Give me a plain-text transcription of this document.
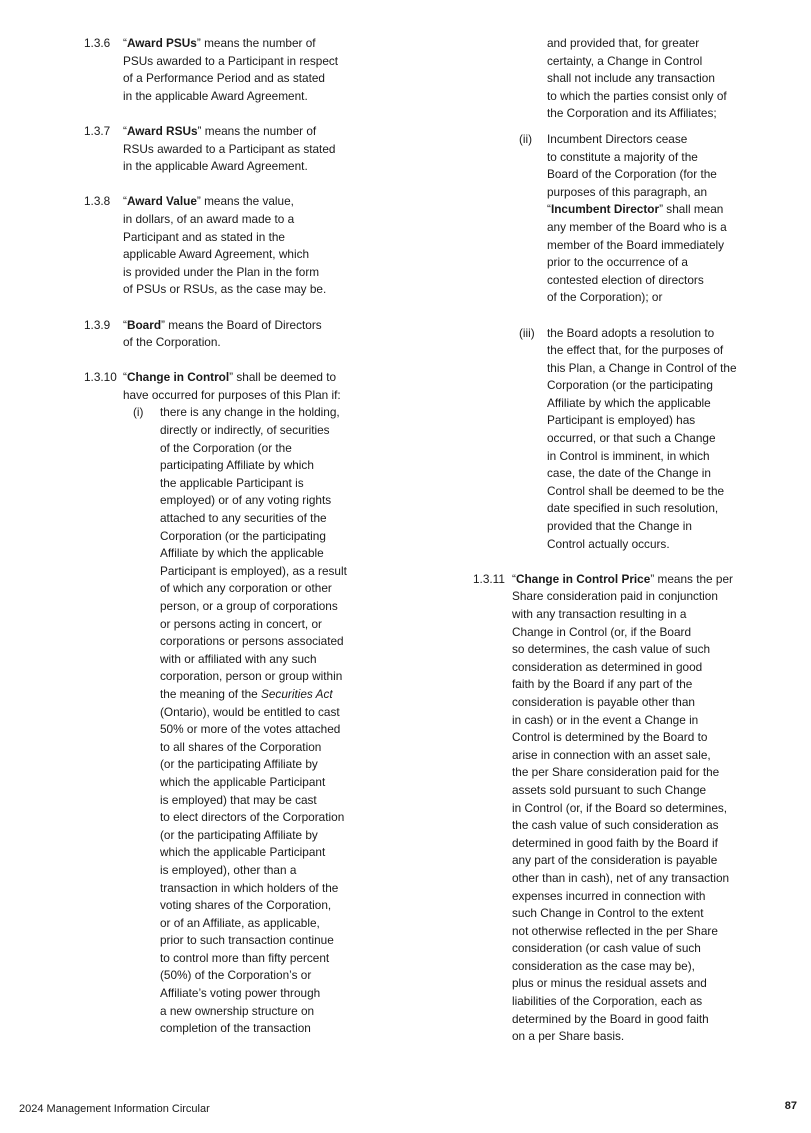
1.3.6	“Award PSUs” means the number of
PSUs awarded to a Participant in respect
of a Performance Period and as stated
in the applicable Award Agreement.
1.3.7	“Award RSUs” means the number of
RSUs awarded to a Participant as stated
in the applicable Award Agreement.
1.3.8	“Award Value” means the value,
in dollars, of an award made to a
Participant and as stated in the
applicable Award Agreement, which
is provided under the Plan in the form
of PSUs or RSUs, as the case may be.
1.3.9	“Board” means the Board of Directors
of the Corporation.
1.3.10 “Change in Control” shall be deemed to
have occurred for purposes of this Plan if:
(i)	there is any change in the holding,
directly or indirectly, of securities
of the Corporation (or the
participating Affiliate by which
the applicable Participant is
employed) or of any voting rights
attached to any securities of the
Corporation (or the participating
Affiliate by which the applicable
Participant is employed), as a result
of which any corporation or other
person, or a group of corporations
or persons acting in concert, or
corporations or persons associated
with or affiliated with any such
corporation, person or group within
the meaning of the Securities Act
(Ontario), would be entitled to cast
50% or more of the votes attached
to all shares of the Corporation
(or the participating Affiliate by
which the applicable Participant
is employed) that may be cast
to elect directors of the Corporation
(or the participating Affiliate by
which the applicable Participant
is employed), other than a
transaction in which holders of the
voting shares of the Corporation,
or of an Affiliate, as applicable,
prior to such transaction continue
to control more than fifty percent
(50%) of the Corporation’s or
Affiliate’s voting power through
a new ownership structure on
completion of the transaction
and provided that, for greater
certainty, a Change in Control
shall not include any transaction
to which the parties consist only of
the Corporation and its Affiliates;
(ii)	Incumbent Directors cease
to constitute a majority of the
Board of the Corporation (for the
purposes of this paragraph, an
“Incumbent Director” shall mean
any member of the Board who is a
member of the Board immediately
prior to the occurrence of a
contested election of directors
of the Corporation); or
(iii)	the Board adopts a resolution to
the effect that, for the purposes of
this Plan, a Change in Control of the
Corporation (or the participating
Affiliate by which the applicable
Participant is employed) has
occurred, or that such a Change
in Control is imminent, in which
case, the date of the Change in
Control shall be deemed to be the
date specified in such resolution,
provided that the Change in
Control actually occurs.
1.3.11 “Change in Control Price” means the per
Share consideration paid in conjunction
with any transaction resulting in a
Change in Control (or, if the Board
so determines, the cash value of such
consideration as determined in good
faith by the Board if any part of the
consideration is payable other than
in cash) or in the event a Change in
Control is determined by the Board to
arise in connection with an asset sale,
the per Share consideration paid for the
assets sold pursuant to such Change
in Control (or, if the Board so determines,
the cash value of such consideration as
determined in good faith by the Board if
any part of the consideration is payable
other than in cash), net of any transaction
expenses incurred in connection with
such Change in Control to the extent
not otherwise reflected in the per Share
consideration (or cash value of such
consideration as the case may be),
plus or minus the residual assets and
liabilities of the Corporation, each as
determined by the Board in good faith
on a per Share basis.
2024 Management Information Circular	87
